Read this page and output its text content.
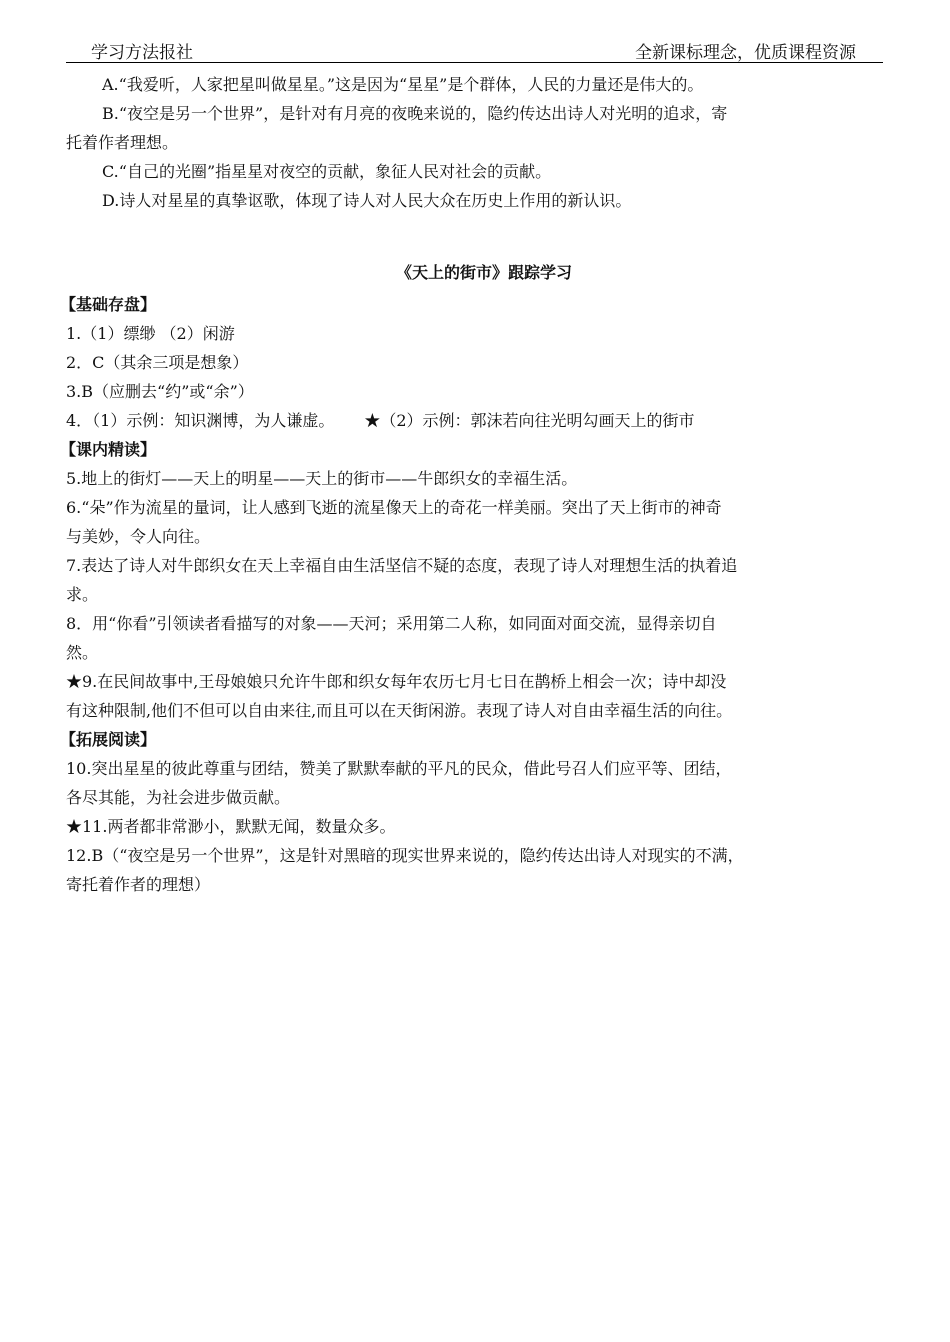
学习方法报社	全新课标理念，优质课程资源

A.“我爱听，人家把星叫做星星。”这是因为“星星”是个群体，人民的力量还是伟大的。

B.“夜空是另一个世界”，是针对有月亮的夜晚来说的，隐约传达出诗人对光明的追求，寄

托着作者理想。

C.“自己的光圈”指星星对夜空的贡献，象征人民对社会的贡献。

D.诗人对星星的真挚讴歌，体现了诗人对人民大众在历史上作用的新认识。

《天上的街市》跟踪学习

【基础存盘】

1.（1）缥缈 （2）闲游

2．C（其余三项是想象）

3.B（应删去“约”或“余”）

4．（1）示例：知识渊博，为人谦虚。 ★（2）示例：郭沫若向往光明勾画天上的街市

【课内精读】

5.地上的街灯——天上的明星——天上的街市——牛郎织女的幸福生活。

6.“朵”作为流星的量词，让人感到飞逝的流星像天上的奇花一样美丽。突出了天上街市的神奇

与美妙，令人向往。

7.表达了诗人对牛郎织女在天上幸福自由生活坚信不疑的态度，表现了诗人对理想生活的执着追

求。

8．用“你看”引领读者看描写的对象——天河；采用第二人称，如同面对面交流，显得亲切自

然。

★9.在民间故事中,王母娘娘只允许牛郎和织女每年农历七月七日在鹊桥上相会一次；诗中却没

有这种限制,他们不但可以自由来往,而且可以在天街闲游。表现了诗人对自由幸福生活的向往。

【拓展阅读】

10.突出星星的彼此尊重与团结，赞美了默默奉献的平凡的民众，借此号召人们应平等、团结，

各尽其能，为社会进步做贡献。

★11.两者都非常渺小，默默无闻，数量众多。

12.B（“夜空是另一个世界”，这是针对黑暗的现实世界来说的，隐约传达出诗人对现实的不满，

寄托着作者的理想）
